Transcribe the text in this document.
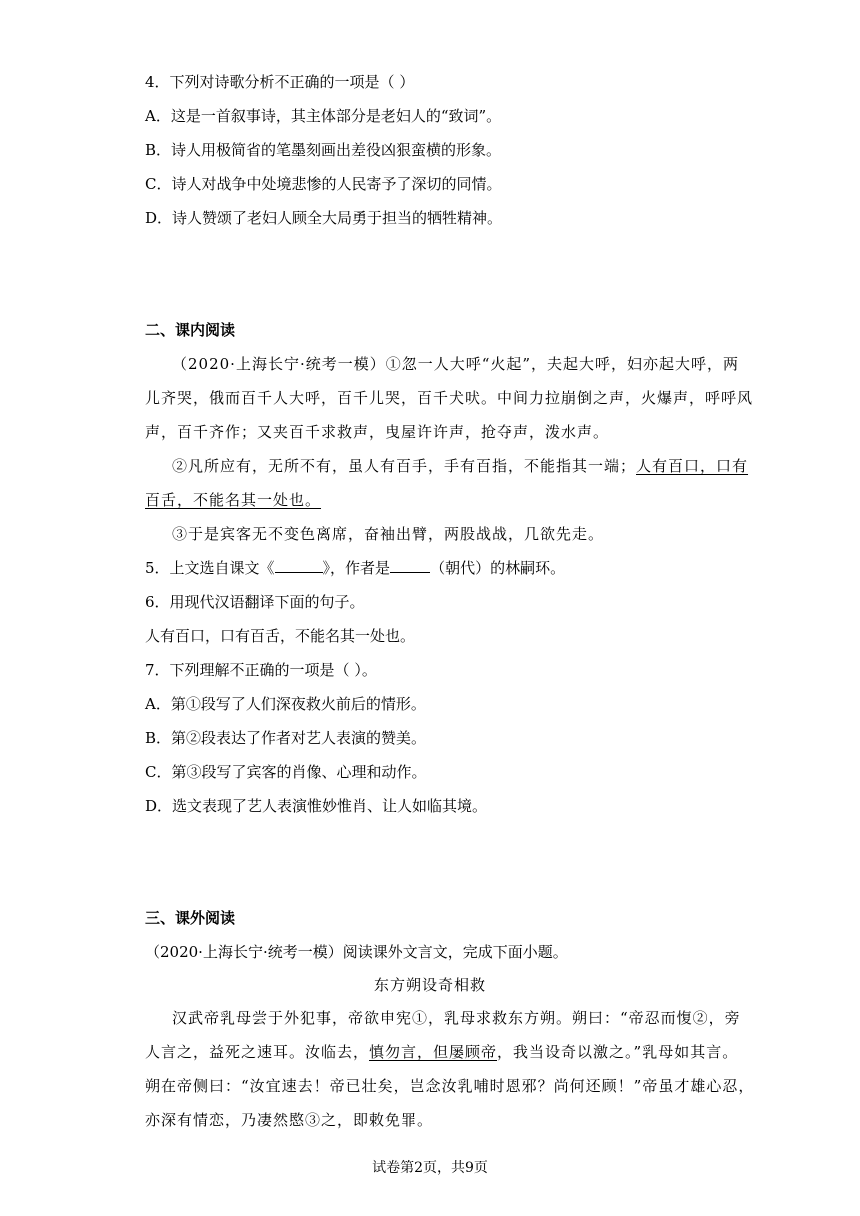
4．下列对诗歌分析不正确的一项是（ ）
A．这是一首叙事诗，其主体部分是老妇人的“致词”。
B．诗人用极简省的笔墨刻画出差役凶狠蛮横的形象。
C．诗人对战争中处境悲惨的人民寄予了深切的同情。
D．诗人赞颂了老妇人顾全大局勇于担当的牺牲精神。
二、课内阅读
（2020·上海长宁·统考一模）①忽一人大呼“火起”，夫起大呼，妇亦起大呼，两
儿齐哭，俄而百千人大呼，百千儿哭，百千犬吠。中间力拉崩倒之声，火爆声，呼呼风
声，百千齐作；又夹百千求救声，曳屋许许声，抢夺声，泼水声。
②凡所应有，无所不有，虽人有百手，手有百指，不能指其一端；人有百口，口有
百舌，不能名其一处也。
③于是宾客无不变色离席，奋袖出臂，两股战战，几欲先走。
5．上文选自课文《	》，作者是	（朝代）的林嗣环。
6．用现代汉语翻译下面的句子。
人有百口，口有百舌，不能名其一处也。
7．下列理解不正确的一项是（ ）。
A．第①段写了人们深夜救火前后的情形。
B．第②段表达了作者对艺人表演的赞美。
C．第③段写了宾客的肖像、心理和动作。
D．选文表现了艺人表演惟妙惟肖、让人如临其境。
三、课外阅读
（2020·上海长宁·统考一模）阅读课外文言文，完成下面小题。
东方朔设奇相救
汉武帝乳母尝于外犯事，帝欲申宪①，乳母求救东方朔。朔曰：“帝忍而愎②，旁
人言之，益死之速耳。汝临去，慎勿言，但屡顾帝，我当设奇以激之。”乳母如其言。
朔在帝侧曰：“汝宜速去！帝已壮矣，岂念汝乳哺时恩邪？尚何还顾！”帝虽才雄心忍，
亦深有情恋，乃凄然愍③之，即敕免罪。
试卷第2页，共9页
